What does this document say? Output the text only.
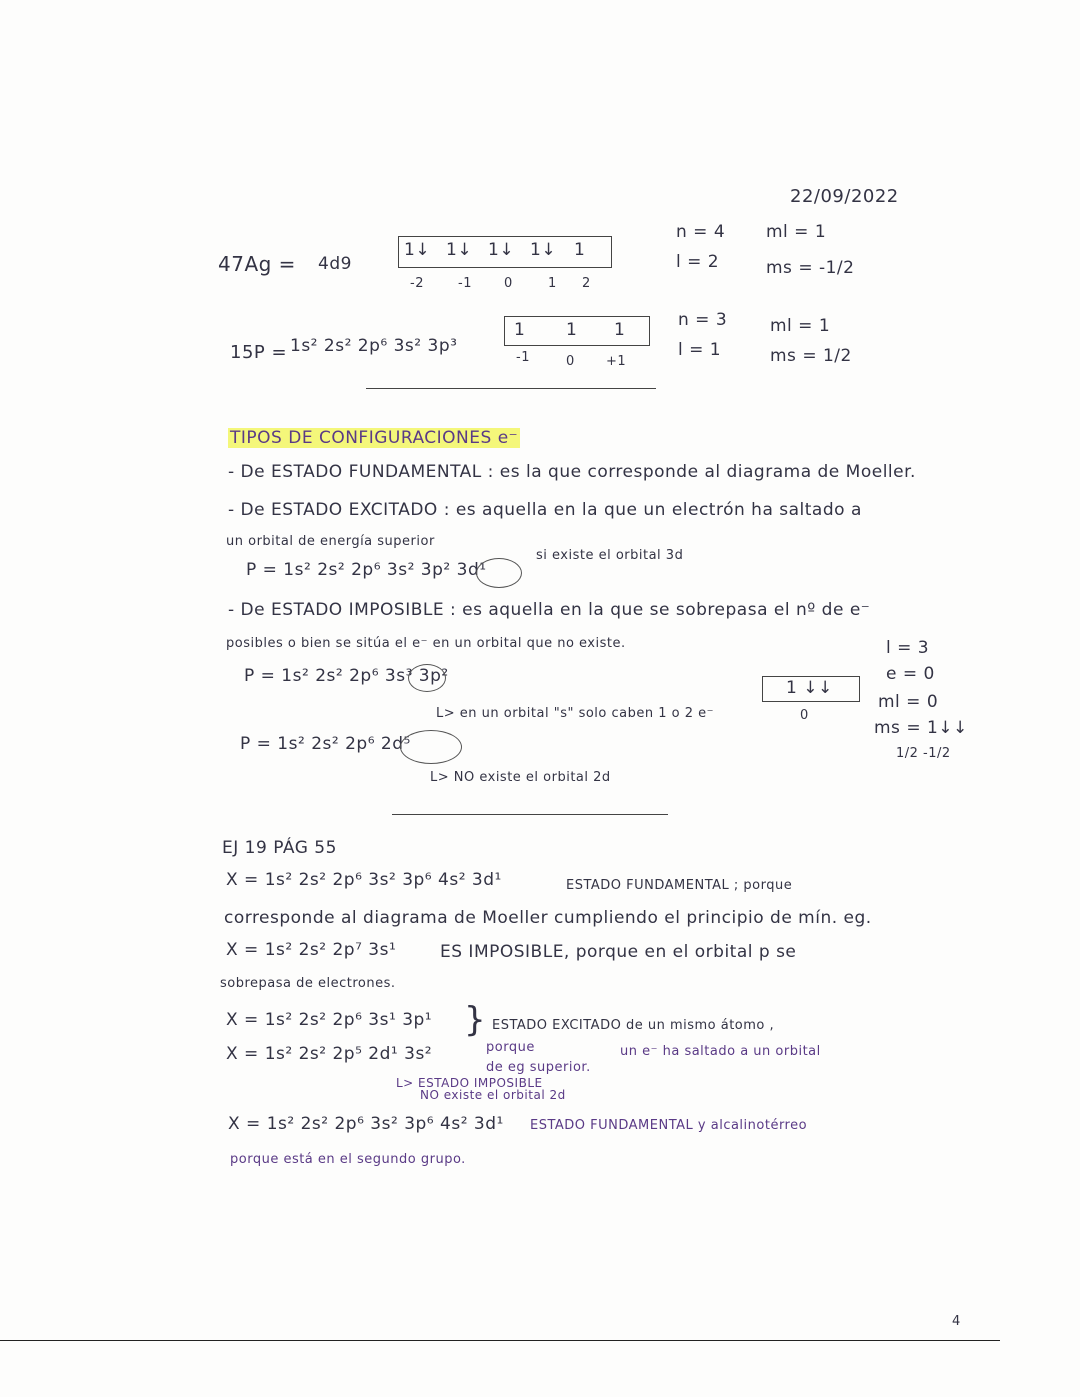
22/09/2022
47Ag = 4d9
1↓ 1↓ 1↓ 1↓ 1
-2	-1 0	1 2
n = 4
l = 2
ml = 1
ms = -1/2
15P = 1s² 2s² 2p⁶ 3s² 3p³
1 1 1
-1	0 +1
n = 3
l = 1
ml = 1
ms = 1/2
TIPOS DE CONFIGURACIONES e⁻
- De ESTADO FUNDAMENTAL : es la que corresponde al diagrama de Moeller.
- De ESTADO EXCITADO : es aquella en la que un electrón ha saltado a
un orbital de energía superior
P = 1s² 2s² 2p⁶ 3s² 3p² 3d¹
si existe el orbital 3d
- De ESTADO IMPOSIBLE : es aquella en la que se sobrepasa el nº de e⁻
posibles o bien se sitúa el e⁻ en un orbital que no existe.
P = 1s² 2s² 2p⁶ 3s³ 3p²
L> en un orbital "s" solo caben 1 o 2 e⁻
P = 1s² 2s² 2p⁶ 2d⁵
L> NO existe el orbital 2d
1 ↓↓
0
l = 3
e = 0
ml = 0
ms = 1↓↓
1/2 -1/2
EJ 19 PÁG 55
X = 1s² 2s² 2p⁶ 3s² 3p⁶ 4s² 3d¹	ESTADO FUNDAMENTAL ; porque
corresponde al diagrama de Moeller cumpliendo el principio de mín. eg.
X = 1s² 2s² 2p⁷ 3s¹	ES IMPOSIBLE, porque en el orbital p se
sobrepasa de electrones.
X = 1s² 2s² 2p⁶ 3s¹ 3p¹ } ESTADO EXCITADO de un mismo átomo ,
X = 1s² 2s² 2p⁵ 2d¹ 3s²	porque	un e⁻ ha saltado a un orbital
de eg superior.
L> ESTADO IMPOSIBLE
NO existe el orbital 2d
X = 1s² 2s² 2p⁶ 3s² 3p⁶ 4s² 3d¹ ESTADO FUNDAMENTAL y alcalinotérreo
porque está en el segundo grupo.
4
